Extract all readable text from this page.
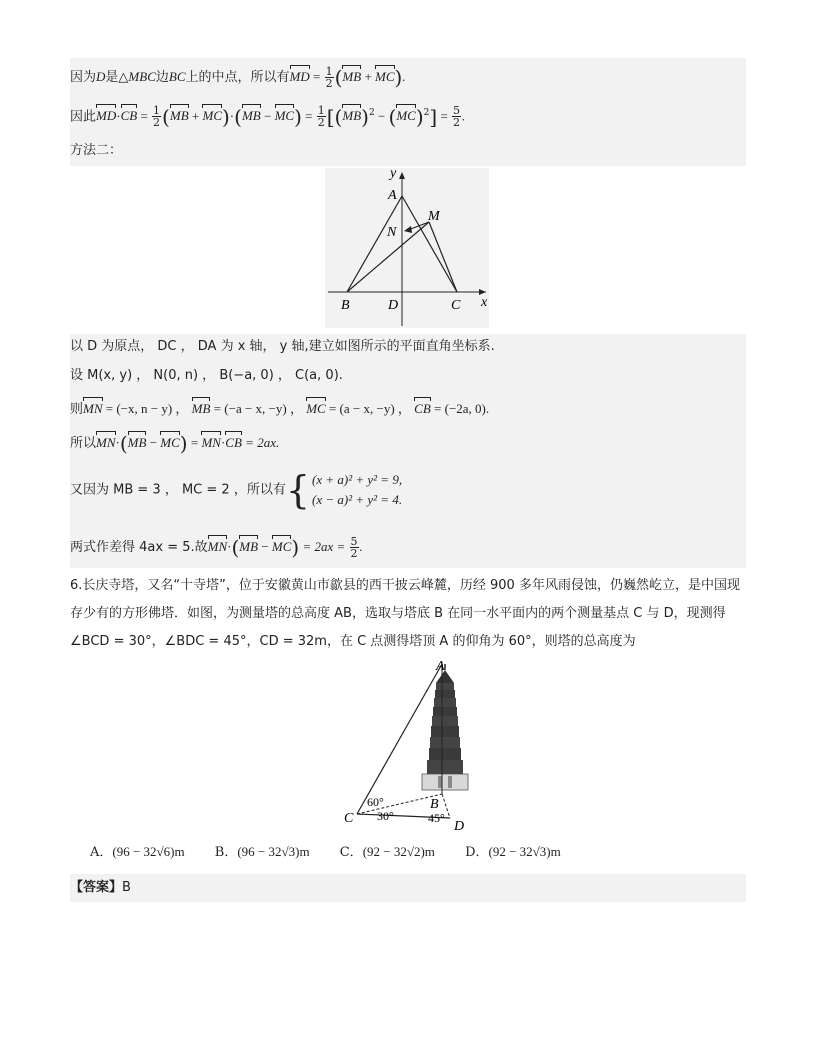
因为D是△MBC边BC上的中点，所以有MD = $\frac{1}{2} (MB + MC)$.
因此$MD\cdot CB = \frac{1}{2} (MB + MC)\cdot(MB - MC) = \frac{1}{2} [(MB)^2 - (MC)^2] = \frac{5}{2}$ .
方法二：
y
x
A
M
N
B	D	C
以 D 为原点， DC ， DA 为 x 轴， y 轴,建立如图所示的平面直角坐标系.
设 M(x, y) ， N(0, n) ， B(−a, 0) ， C(a, 0).
则MN = (−x, n − y) ， MB = (−a − x, −y) ， MC = (a − x, −y) ， CB = (−2a, 0).
所以MN·(MB − MC) = MN·CB = 2ax.
又因为 MB = 3 ， MC = 2 ，所以有 { (x + a)² + y² = 9,
(x − a)² + y² = 4.
两式作差得 4ax = 5.故$MN\cdot(MB - MC) = 2ax = \frac{5}{2}$ .
6.长庆寺塔，又名“十寺塔”，位于安徽黄山市歙县的西干披云峰麓，历经 900 多年风雨侵蚀，仍巍然屹立，是中国现存少有的方形佛塔．如图，为测量塔的总高度 AB，选取与塔底 B 在同一水平面内的两个测量基点 C 与 D，现测得 ∠BCD = 30°，∠BDC = 45°，CD = 32m，在 C 点测得塔顶 A 的仰角为 60°，则塔的总高度为
A
B
C
D
60°
30°	45°
A．(96 − 32√6)m B．(96 − 32√3)m C．(92 − 32√2)m D．(92 − 32√3)m
【答案】B
